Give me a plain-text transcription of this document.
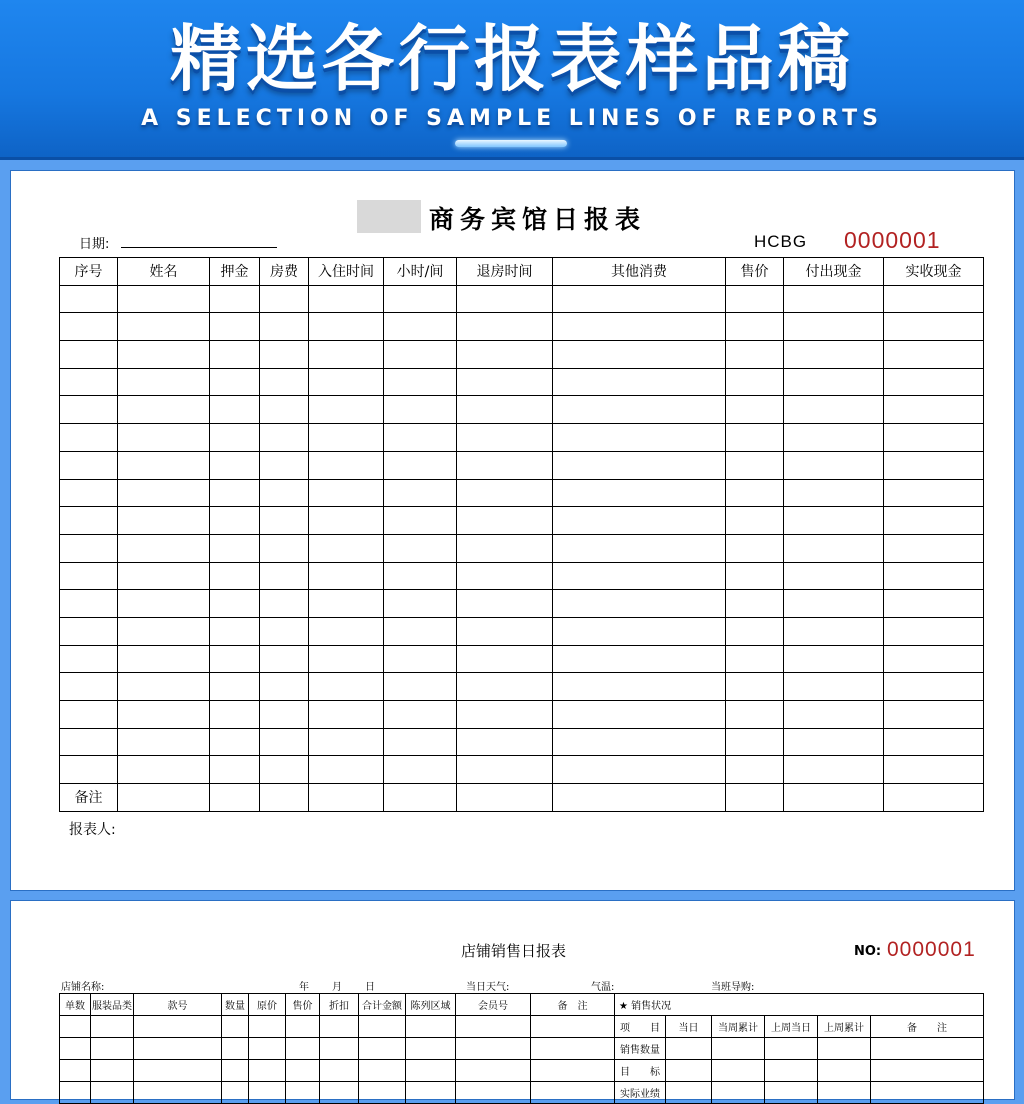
精选各行报表样品稿
A SELECTION OF SAMPLE LINES OF REPORTS
商务宾馆日报表
日期:	HCBG 0000001
序号	姓名	押金	房费	入住时间	小时/间	退房时间	其他消费	售价	付出现金	实收现金

备注										
报表人:
店铺销售日报表	NO: 0000001
店铺名称:	年 月 日	当日天气:	气温:	当班导购:
单数	服装品类	款号	数量	原价	售价	折扣	合计金额	陈列区域	会员号	备　注	★ 销售状况					
											项　　目	当日	当周累计	上周当日	上周累计	备　　注
											销售数量					
											目　　标					
											实际业绩					
